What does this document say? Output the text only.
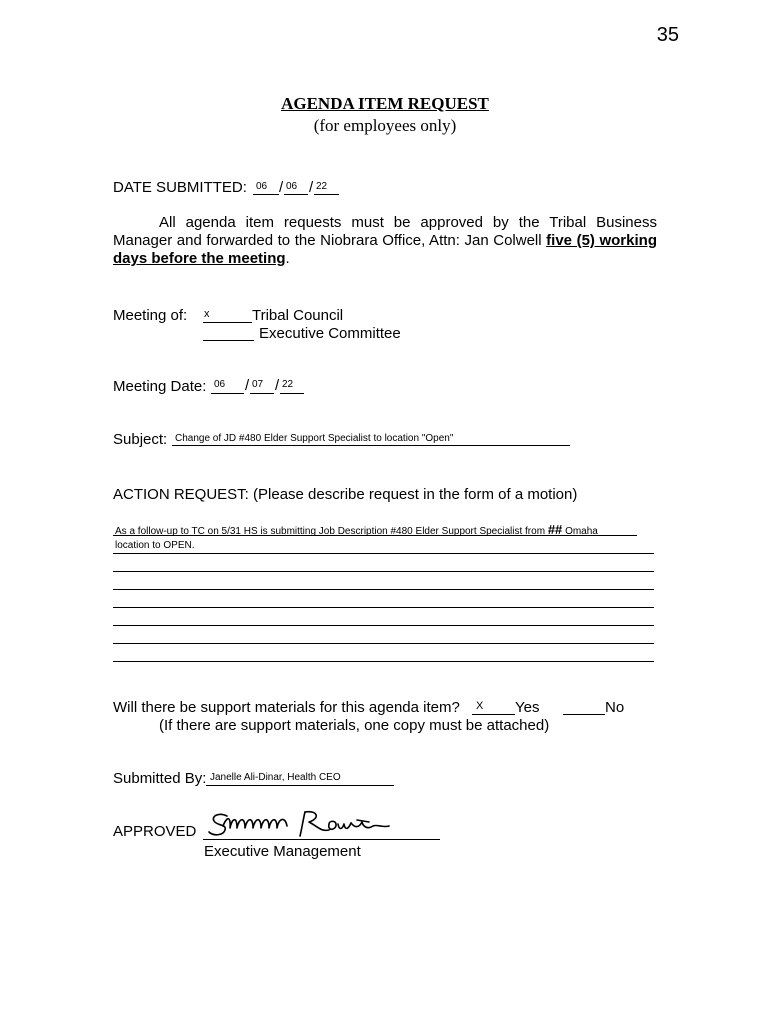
35
AGENDA ITEM REQUEST
(for employees only)
DATE SUBMITTED: 06 / 06 / 22
All agenda item requests must be approved by the Tribal Business Manager and forwarded to the Niobrara Office, Attn: Jan Colwell five (5) working days before the meeting.
Meeting of: x	Tribal Council
Executive Committee
Meeting Date: 06 / 07 / 22
Subject: Change of JD #480 Elder Support Specialist to location "Open"
ACTION REQUEST: (Please describe request in the form of a motion)
As a follow-up to TC on 5/31 HS is submitting Job Description #480 Elder Support Specialist from ## Omaha
location to OPEN.
Will there be support materials for this agenda item? X Yes	No
(If there are support materials, one copy must be attached)
Submitted By: Janelle Ali-Dinar, Health CEO
APPROVED
Executive Management
